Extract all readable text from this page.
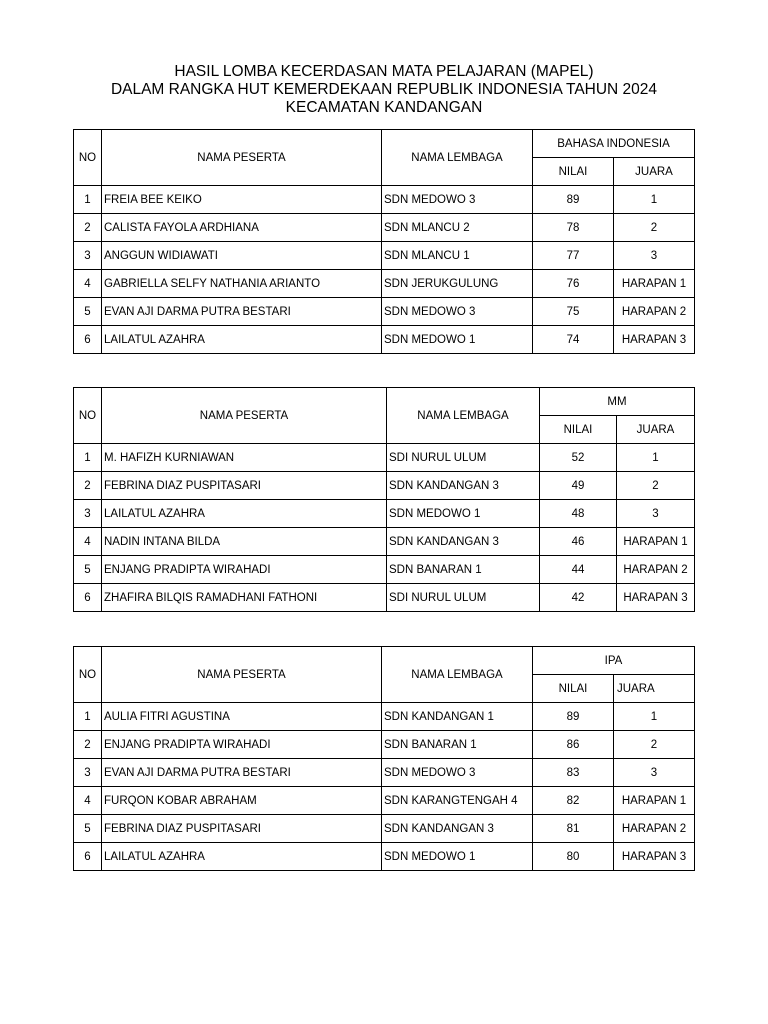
HASIL LOMBA KECERDASAN MATA PELAJARAN (MAPEL)
DALAM RANGKA HUT KEMERDEKAAN REPUBLIK INDONESIA TAHUN 2024
KECAMATAN KANDANGAN
NO	NAMA PESERTA	NAMA LEMBAGA	BAHASA INDONESIA	
			NILAI	JUARA
1	FREIA BEE KEIKO	SDN MEDOWO 3	89	1
2	CALISTA FAYOLA ARDHIANA	SDN MLANCU 2	78	2
3	ANGGUN WIDIAWATI	SDN MLANCU 1	77	3
4	GABRIELLA SELFY NATHANIA ARIANTO	SDN JERUKGULUNG	76	HARAPAN 1
5	EVAN AJI DARMA PUTRA BESTARI	SDN MEDOWO 3	75	HARAPAN 2
6	LAILATUL AZAHRA	SDN MEDOWO 1	74	HARAPAN 3
NO	NAMA PESERTA	NAMA LEMBAGA	MM	
			NILAI	JUARA
1	M. HAFIZH KURNIAWAN	SDI NURUL ULUM	52	1
2	FEBRINA DIAZ PUSPITASARI	SDN KANDANGAN 3	49	2
3	LAILATUL AZAHRA	SDN MEDOWO 1	48	3
4	NADIN INTANA BILDA	SDN KANDANGAN 3	46	HARAPAN 1
5	ENJANG PRADIPTA WIRAHADI	SDN BANARAN 1	44	HARAPAN 2
6	ZHAFIRA BILQIS RAMADHANI FATHONI	SDI NURUL ULUM	42	HARAPAN 3
NO	NAMA PESERTA	NAMA LEMBAGA	IPA	
			NILAI	JUARA
1	AULIA FITRI AGUSTINA	SDN KANDANGAN 1	89	1
2	ENJANG PRADIPTA WIRAHADI	SDN BANARAN 1	86	2
3	EVAN AJI DARMA PUTRA BESTARI	SDN MEDOWO 3	83	3
4	FURQON KOBAR ABRAHAM	SDN KARANGTENGAH 4	82	HARAPAN 1
5	FEBRINA DIAZ PUSPITASARI	SDN KANDANGAN 3	81	HARAPAN 2
6	LAILATUL AZAHRA	SDN MEDOWO 1	80	HARAPAN 3
